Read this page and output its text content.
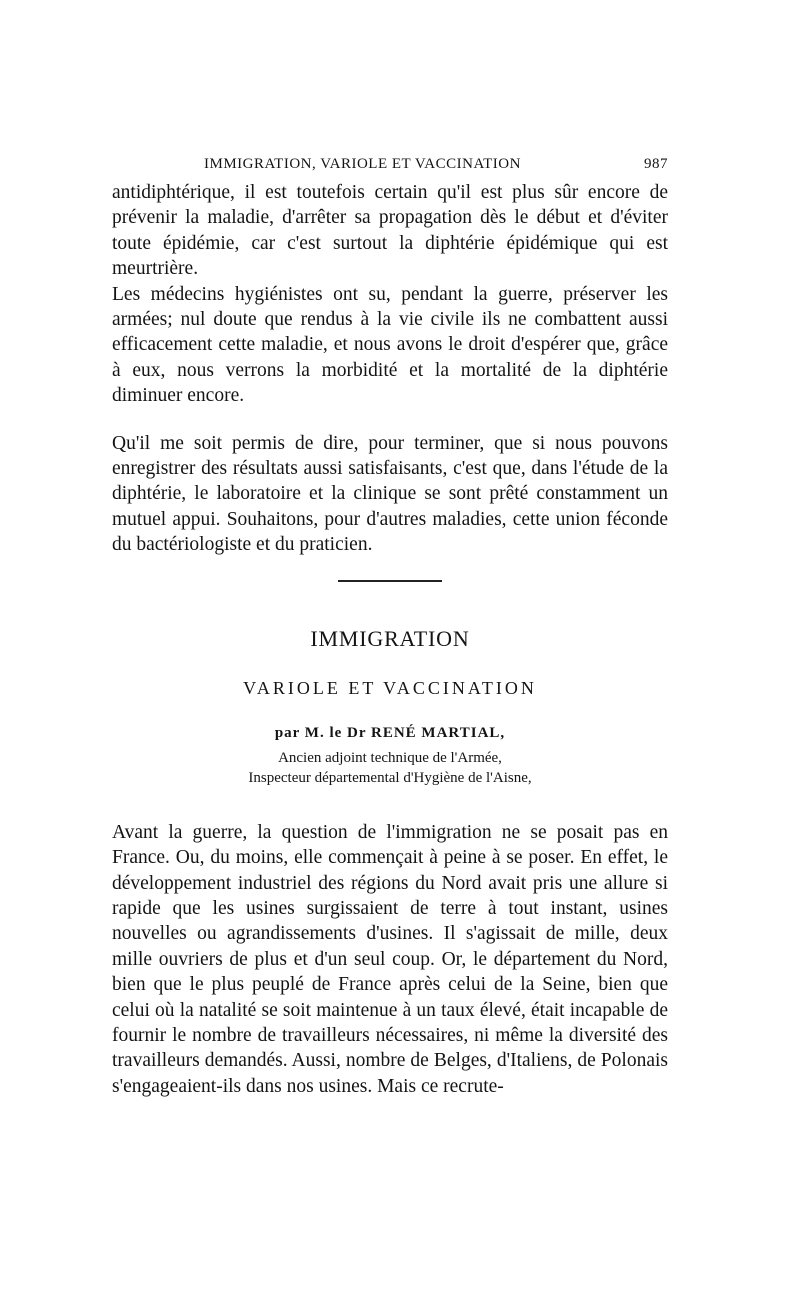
IMMIGRATION, VARIOLE ET VACCINATION	987

antidiphtérique, il est toutefois certain qu'il est plus sûr encore de prévenir la maladie, d'arrêter sa propagation dès le début et d'éviter toute épidémie, car c'est surtout la diphtérie épidémique qui est meurtrière.

Les médecins hygiénistes ont su, pendant la guerre, préserver les armées; nul doute que rendus à la vie civile ils ne combattent aussi efficacement cette maladie, et nous avons le droit d'espérer que, grâce à eux, nous verrons la morbidité et la mortalité de la diphtérie diminuer encore.

Qu'il me soit permis de dire, pour terminer, que si nous pouvons enregistrer des résultats aussi satisfaisants, c'est que, dans l'étude de la diphtérie, le laboratoire et la clinique se sont prêté constamment un mutuel appui. Souhaitons, pour d'autres maladies, cette union féconde du bactériologiste et du praticien.

IMMIGRATION
VARIOLE ET VACCINATION
par M. le Dr RENÉ MARTIAL,
Ancien adjoint technique de l'Armée,
Inspecteur départemental d'Hygiène de l'Aisne,

Avant la guerre, la question de l'immigration ne se posait pas en France. Ou, du moins, elle commençait à peine à se poser. En effet, le développement industriel des régions du Nord avait pris une allure si rapide que les usines surgissaient de terre à tout instant, usines nouvelles ou agrandissements d'usines. Il s'agissait de mille, deux mille ouvriers de plus et d'un seul coup. Or, le département du Nord, bien que le plus peuplé de France après celui de la Seine, bien que celui où la natalité se soit maintenue à un taux élevé, était incapable de fournir le nombre de travailleurs nécessaires, ni même la diversité des travailleurs demandés. Aussi, nombre de Belges, d'Italiens, de Polonais s'engageaient-ils dans nos usines. Mais ce recrute-
